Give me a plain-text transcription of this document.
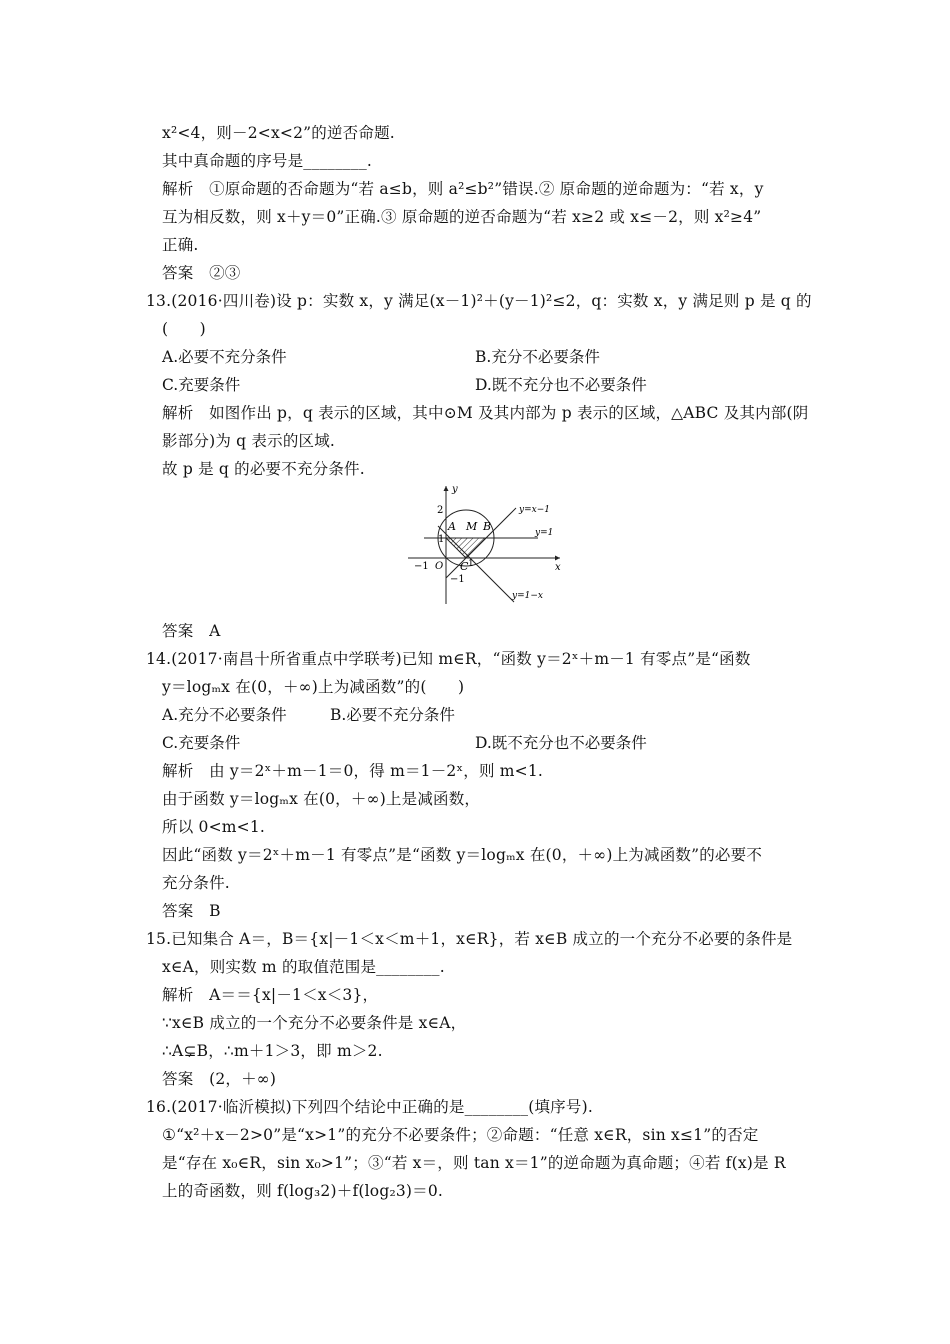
x²<4，则－2<x<2”的逆否命题.
其中真命题的序号是________.
解析　①原命题的否命题为“若 a≤b，则 a²≤b²”错误.② 原命题的逆命题为：“若 x，y
互为相反数，则 x＋y＝0”正确.③ 原命题的逆否命题为“若 x≥2 或 x≤－2，则 x²≥4”
正确.
答案　②③
13.(2016·四川卷)设 p：实数 x，y 满足(x－1)²＋(y－1)²≤2，q：实数 x，y 满足则 p 是 q 的
(　　)
A.必要不充分条件	B.充分不必要条件
C.充要条件	D.既不充分也不必要条件
解析　如图作出 p，q 表示的区域，其中⊙M 及其内部为 p 表示的区域，△ABC 及其内部(阴
影部分)为 q 表示的区域.
故 p 是 q 的必要不充分条件.
y
x
O
2
1
−1
−1
1
A M B
C
y=x−1
y=1
y=1−x
答案　A
14.(2017·南昌十所省重点中学联考)已知 m∈R，“函数 y＝2ˣ＋m－1 有零点”是“函数
y＝logₘx 在(0，＋∞)上为减函数”的(　　)
A.充分不必要条件	B.必要不充分条件
C.充要条件	D.既不充分也不必要条件
解析　由 y＝2ˣ＋m－1＝0，得 m＝1－2ˣ，则 m<1.
由于函数 y＝logₘx 在(0，＋∞)上是减函数，
所以 0<m<1.
因此“函数 y＝2ˣ＋m－1 有零点”是“函数 y＝logₘx 在(0，＋∞)上为减函数”的必要不
充分条件.
答案　B
15.已知集合 A＝，B＝{x|－1＜x＜m＋1，x∈R}，若 x∈B 成立的一个充分不必要的条件是
x∈A，则实数 m 的取值范围是________.
解析　A＝＝{x|－1＜x＜3}，
∵x∈B 成立的一个充分不必要条件是 x∈A，
∴A⊊B，∴m＋1＞3，即 m＞2.
答案　(2，＋∞)
16.(2017·临沂模拟)下列四个结论中正确的是________(填序号).
①“x²＋x－2>0”是“x>1”的充分不必要条件；②命题：“任意 x∈R，sin x≤1”的否定
是“存在 x₀∈R，sin x₀>1”；③“若 x＝，则 tan x＝1”的逆命题为真命题；④若 f(x)是 R
上的奇函数，则 f(log₃2)＋f(log₂3)＝0.
